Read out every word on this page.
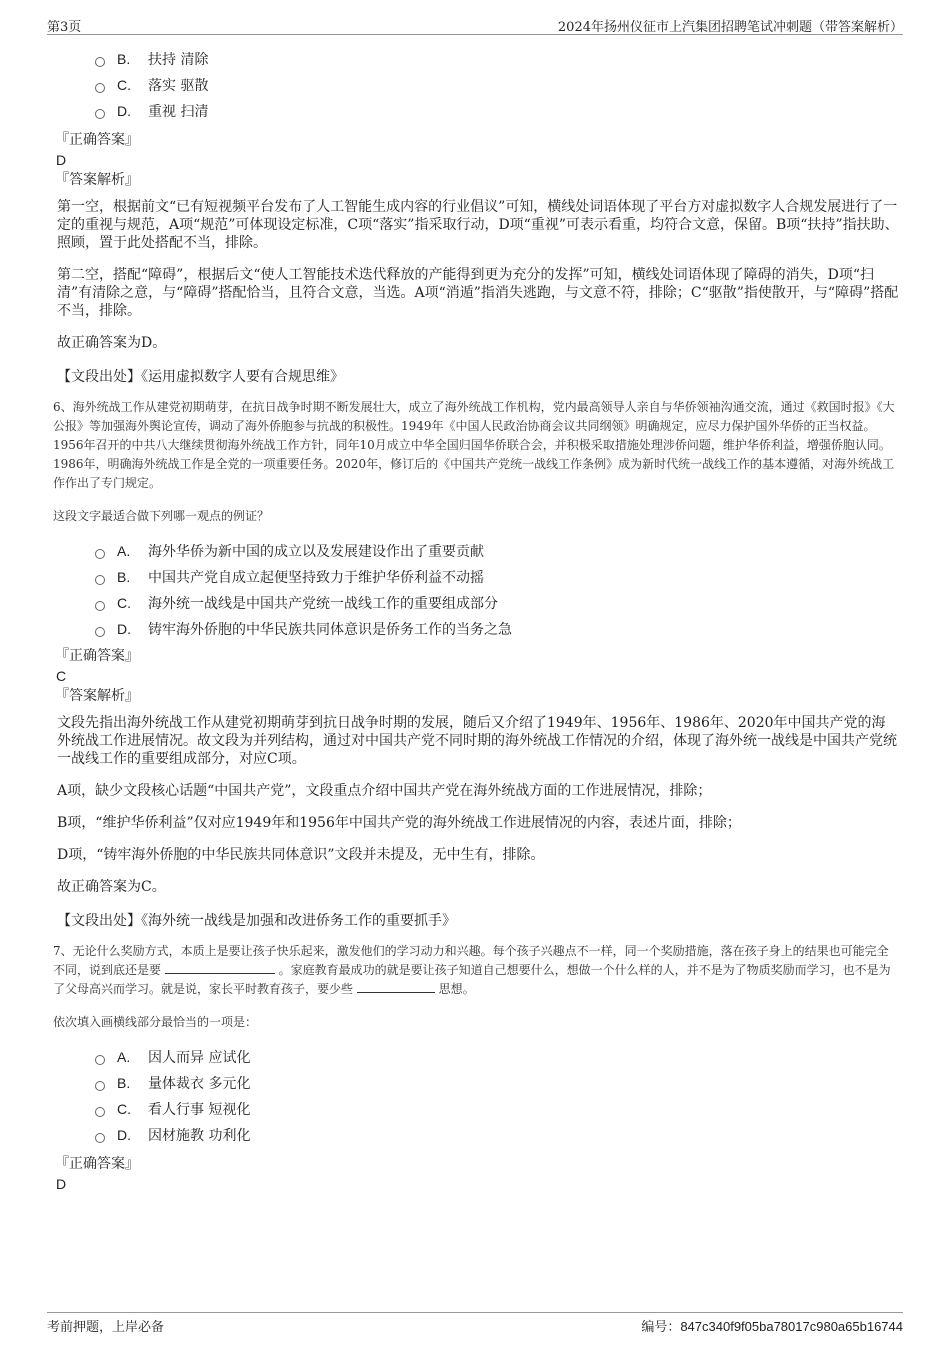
第3页	2024年扬州仪征市上汽集团招聘笔试冲刺题（带答案解析）
B.	扶持 清除
C.	落实 驱散
D.	重视 扫清
『正确答案』
D
『答案解析』

第一空，根据前文“已有短视频平台发布了人工智能生成内容的行业倡议”可知，横线处词语体现了平台方对虚拟数字人合规发展进行了一定的重视与规范，A项“规范”可体现设定标准，C项“落实”指采取行动，D项“重视”可表示看重，均符合文意，保留。B项“扶持”指扶助、照顾，置于此处搭配不当，排除。

第二空，搭配“障碍”，根据后文“使人工智能技术迭代释放的产能得到更为充分的发挥”可知，横线处词语体现了障碍的消失，D项“扫清”有清除之意，与“障碍”搭配恰当，且符合文意，当选。A项“消遁”指消失逃跑，与文意不符，排除；C“驱散”指使散开，与“障碍”搭配不当，排除。

故正确答案为D。

【文段出处】《运用虚拟数字人要有合规思维》
6、海外统战工作从建党初期萌芽，在抗日战争时期不断发展壮大，成立了海外统战工作机构，党内最高领导人亲自与华侨领袖沟通交流，通过《救国时报》《大公报》等加强海外舆论宣传，调动了海外侨胞参与抗战的积极性。1949年《中国人民政治协商会议共同纲领》明确规定，应尽力保护国外华侨的正当权益。1956年召开的中共八大继续贯彻海外统战工作方针，同年10月成立中华全国归国华侨联合会，并积极采取措施处理涉侨问题，维护华侨利益，增强侨胞认同。1986年，明确海外统战工作是全党的一项重要任务。2020年，修订后的《中国共产党统一战线工作条例》成为新时代统一战线工作的基本遵循，对海外统战工作作出了专门规定。
这段文字最适合做下列哪一观点的例证？
A.	海外华侨为新中国的成立以及发展建设作出了重要贡献
B.	中国共产党自成立起便坚持致力于维护华侨利益不动摇
C.	海外统一战线是中国共产党统一战线工作的重要组成部分
D.	铸牢海外侨胞的中华民族共同体意识是侨务工作的当务之急
『正确答案』
C
『答案解析』

文段先指出海外统战工作从建党初期萌芽到抗日战争时期的发展，随后又介绍了1949年、1956年、1986年、2020年中国共产党的海外统战工作进展情况。故文段为并列结构，通过对中国共产党不同时期的海外统战工作情况的介绍，体现了海外统一战线是中国共产党统一战线工作的重要组成部分，对应C项。

A项，缺少文段核心话题“中国共产党”，文段重点介绍中国共产党在海外统战方面的工作进展情况，排除；

B项，“维护华侨利益”仅对应1949年和1956年中国共产党的海外统战工作进展情况的内容，表述片面，排除；

D项，“铸牢海外侨胞的中华民族共同体意识”文段并未提及，无中生有，排除。

故正确答案为C。

【文段出处】《海外统一战线是加强和改进侨务工作的重要抓手》
7、无论什么奖励方式，本质上是要让孩子快乐起来，激发他们的学习动力和兴趣。每个孩子兴趣点不一样，同一个奖励措施，落在孩子身上的结果也可能完全不同，说到底还是要	。家庭教育最成功的就是要让孩子知道自己想要什么，想做一个什么样的人，并不是为了物质奖励而学习，也不是为了父母高兴而学习。就是说，家长平时教育孩子，要少些	思想。
依次填入画横线部分最恰当的一项是：
A.	因人而异 应试化
B.	量体裁衣 多元化
C.	看人行事 短视化
D.	因材施教 功利化
『正确答案』
D
考前押题，上岸必备	编号：847c340f9f05ba78017c980a65b16744
